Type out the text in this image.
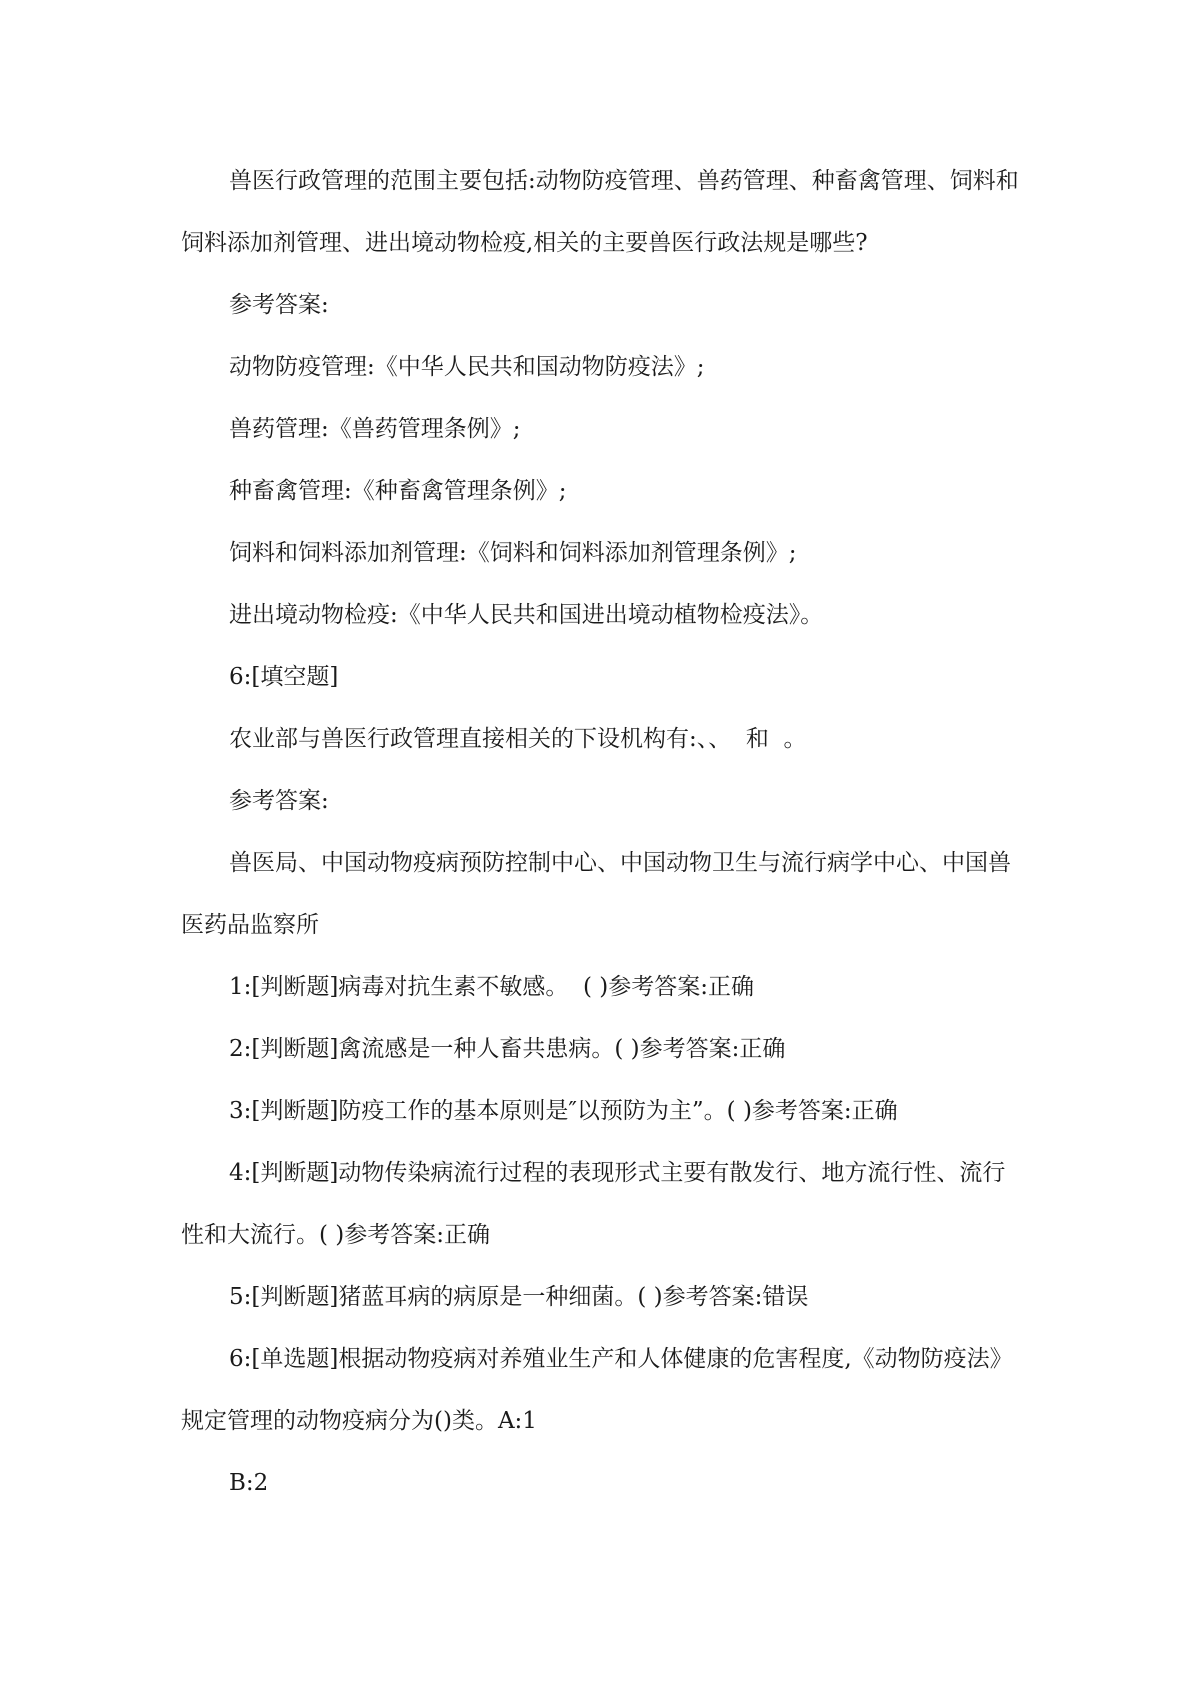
兽医行政管理的范围主要包括:动物防疫管理、兽药管理、种畜禽管理、饲料和饲料添加剂管理、进出境动物检疫,相关的主要兽医行政法规是哪些?

参考答案:

动物防疫管理:《中华人民共和国动物防疫法》;

兽药管理:《兽药管理条例》;

种畜禽管理:《种畜禽管理条例》;

饲料和饲料添加剂管理:《饲料和饲料添加剂管理条例》;

进出境动物检疫:《中华人民共和国进出境动植物检疫法》。

6:[填空题]

农业部与兽医行政管理直接相关的下设机构有:、、  和  。

参考答案:

兽医局、中国动物疫病预防控制中心、中国动物卫生与流行病学中心、中国兽医药品监察所

1:[判断题]病毒对抗生素不敏感。  ( )参考答案:正确

2:[判断题]禽流感是一种人畜共患病。( )参考答案:正确

3:[判断题]防疫工作的基本原则是″以预防为主”。( )参考答案:正确

4:[判断题]动物传染病流行过程的表现形式主要有散发行、地方流行性、流行性和大流行。( )参考答案:正确

5:[判断题]猪蓝耳病的病原是一种细菌。( )参考答案:错误

6:[单选题]根据动物疫病对养殖业生产和人体健康的危害程度,《动物防疫法》规定管理的动物疫病分为()类。A:1

B:2
